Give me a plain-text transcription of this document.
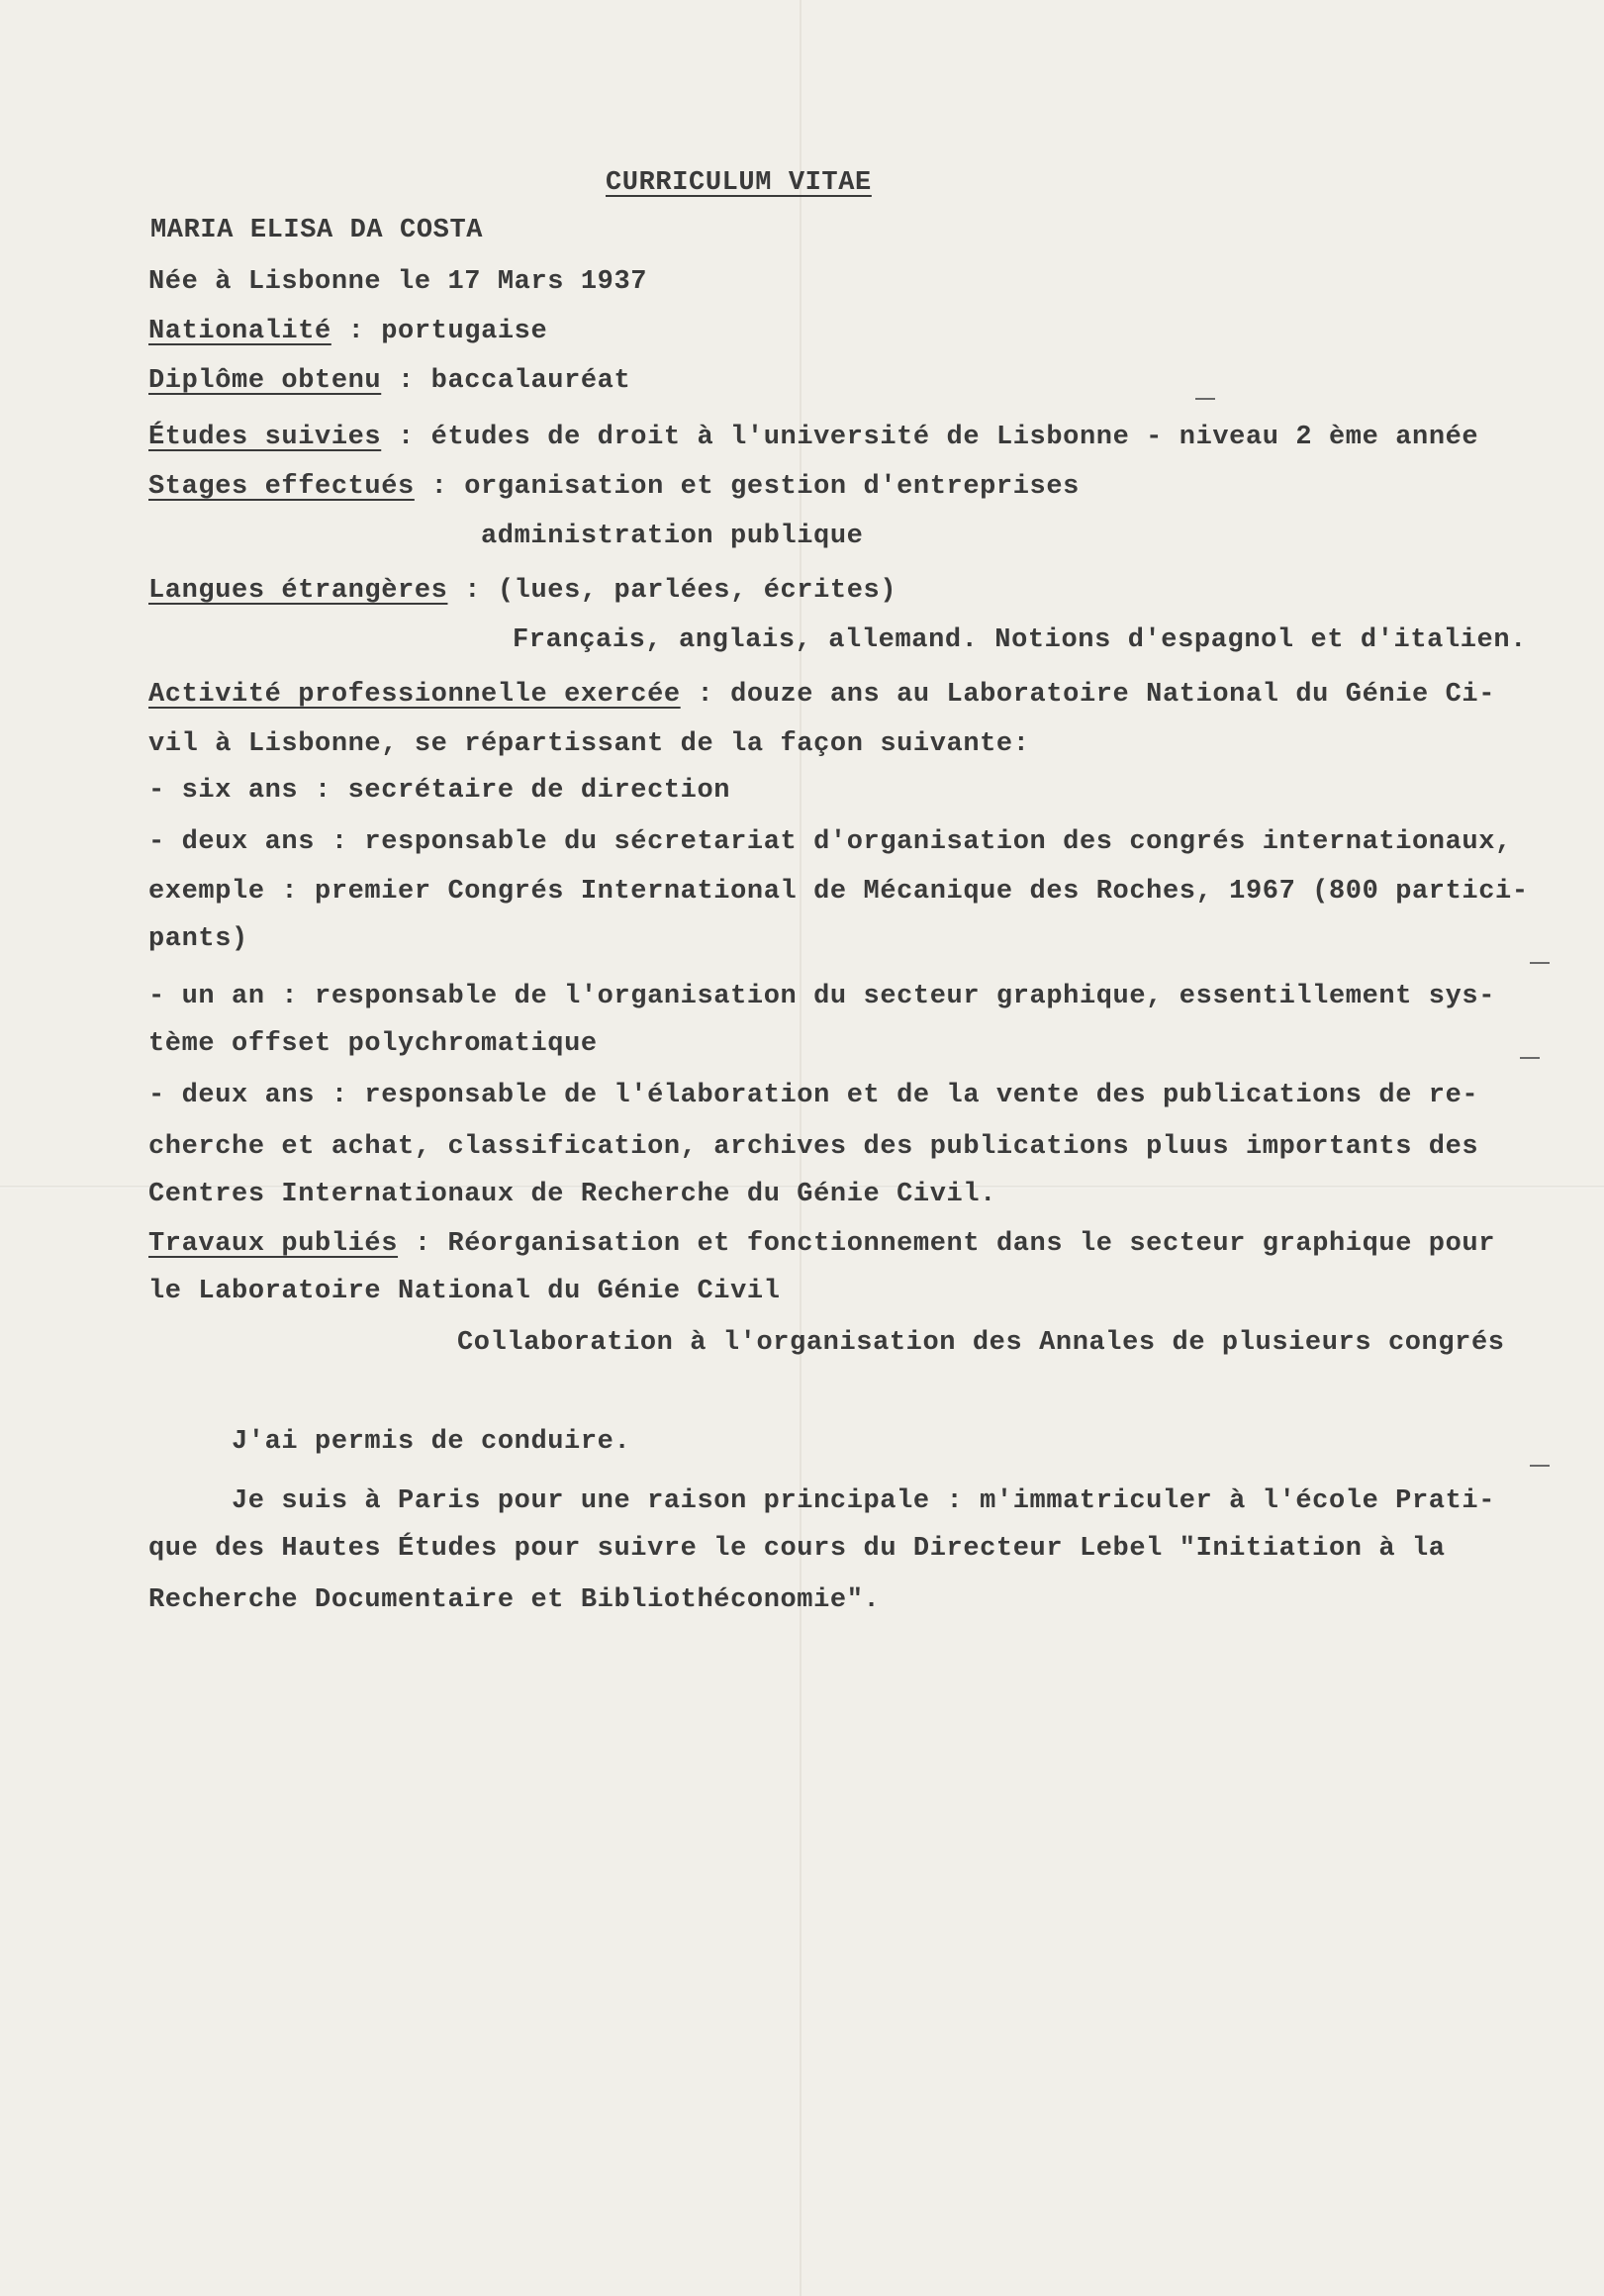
CURRICULUM VITAE
MARIA ELISA DA COSTA
Née à Lisbonne le 17 Mars 1937
Nationalité : portugaise
Diplôme obtenu : baccalauréat
Études suivies : études de droit à l'université de Lisbonne - niveau 2 ème année
Stages effectués : organisation et gestion d'entreprises
administration publique
Langues étrangères : (lues, parlées, écrites)
Français, anglais, allemand. Notions d'espagnol et d'italien.
Activité professionnelle exercée : douze ans au Laboratoire National du Génie Ci-
vil à Lisbonne, se répartissant de la façon suivante:
- six ans : secrétaire de direction
- deux ans : responsable du sécretariat d'organisation des congrés internationaux,
exemple : premier Congrés International de Mécanique des Roches, 1967 (800 partici-
pants)
- un an : responsable de l'organisation du secteur graphique, essentillement sys-
tème offset polychromatique
- deux ans : responsable de l'élaboration et de la vente des publications de re-
cherche et achat, classification, archives des publications pluus importants des
Centres Internationaux de Recherche du Génie Civil.
Travaux publiés : Réorganisation et fonctionnement dans le secteur graphique pour
le Laboratoire National du Génie Civil
Collaboration à l'organisation des Annales de plusieurs congrés
J'ai permis de conduire.
Je suis à Paris pour une raison principale : m'immatriculer à l'école Prati-
que des Hautes Études pour suivre le cours du Directeur Lebel "Initiation à la
Recherche Documentaire et Bibliothéconomie".
